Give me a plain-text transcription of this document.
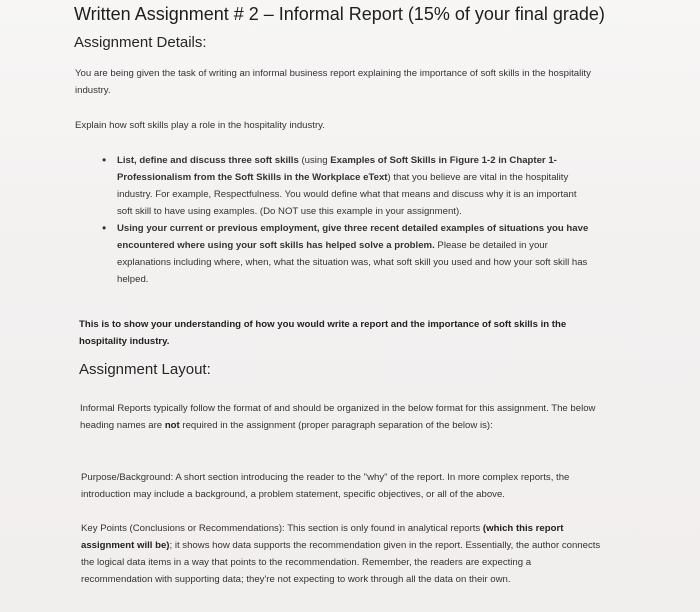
Written Assignment # 2 – Informal Report (15% of your final grade)
Assignment Details:
You are being given the task of writing an informal business report explaining the importance of soft skills in the hospitality industry.
Explain how soft skills play a role in the hospitality industry.
• List, define and discuss three soft skills (using Examples of Soft Skills in Figure 1-2 in Chapter 1- Professionalism from the Soft Skills in the Workplace eText) that you believe are vital in the hospitality industry. For example, Respectfulness. You would define what that means and discuss why it is an important soft skill to have using examples. (Do NOT use this example in your assignment).
• Using your current or previous employment, give three recent detailed examples of situations you have encountered where using your soft skills has helped solve a problem. Please be detailed in your explanations including where, when, what the situation was, what soft skill you used and how your soft skill has helped.
This is to show your understanding of how you would write a report and the importance of soft skills in the hospitality industry.
Assignment Layout:
Informal Reports typically follow the format of and should be organized in the below format for this assignment. The below heading names are not required in the assignment (proper paragraph separation of the below is):
Purpose/Background: A short section introducing the reader to the "why" of the report. In more complex reports, the introduction may include a background, a problem statement, specific objectives, or all of the above.
Key Points (Conclusions or Recommendations): This section is only found in analytical reports (which this report assignment will be); it shows how data supports the recommendation given in the report. Essentially, the author connects the logical data items in a way that points to the recommendation. Remember, the readers are expecting a recommendation with supporting data; they're not expecting to work through all the data on their own.
